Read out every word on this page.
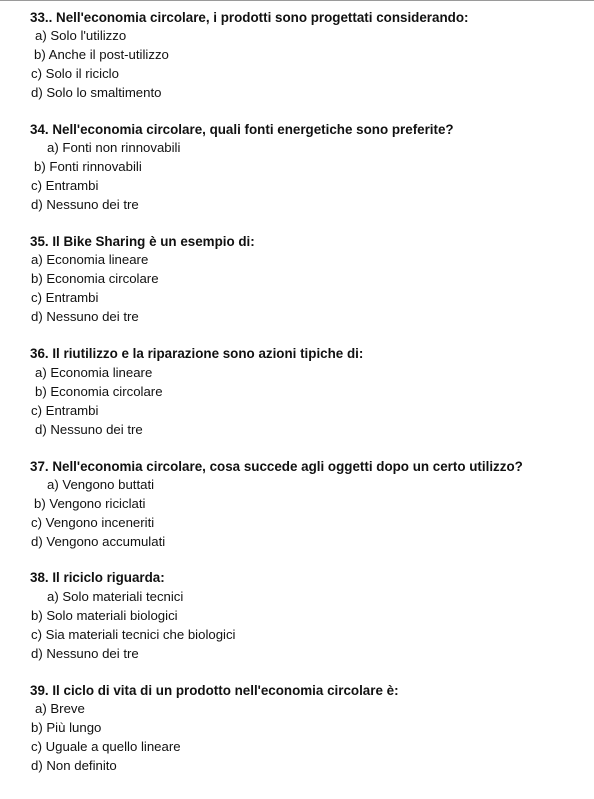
33.. Nell'economia circolare, i prodotti sono progettati considerando:
a) Solo l'utilizzo
b) Anche il post-utilizzo
c) Solo il riciclo
d) Solo lo smaltimento
34. Nell'economia circolare, quali fonti energetiche sono preferite?
a) Fonti non rinnovabili
b) Fonti rinnovabili
c) Entrambi
d) Nessuno dei tre
35. Il Bike Sharing è un esempio di:
a) Economia lineare
b) Economia circolare
c) Entrambi
d) Nessuno dei tre
36. Il riutilizzo e la riparazione sono azioni tipiche di:
a) Economia lineare
b) Economia circolare
c) Entrambi
d) Nessuno dei tre
37. Nell'economia circolare, cosa succede agli oggetti dopo un certo utilizzo?
a) Vengono buttati
b) Vengono riciclati
c) Vengono inceneriti
d) Vengono accumulati
38. Il riciclo riguarda:
a) Solo materiali tecnici
b) Solo materiali biologici
c) Sia materiali tecnici che biologici
d) Nessuno dei tre
39. Il ciclo di vita di un prodotto nell'economia circolare è:
a) Breve
b) Più lungo
c) Uguale a quello lineare
d) Non definito
